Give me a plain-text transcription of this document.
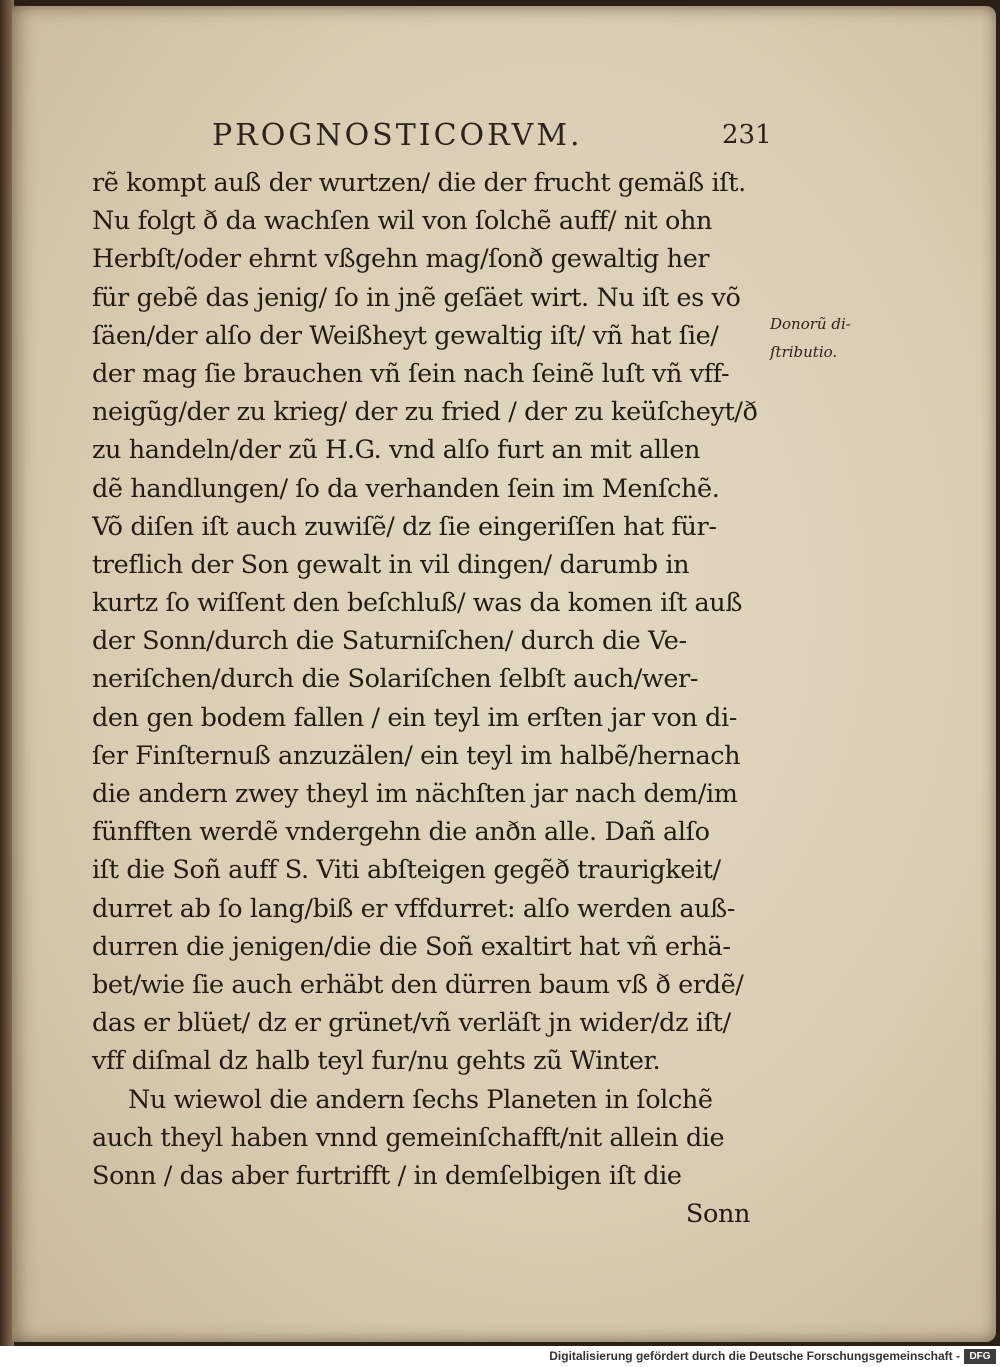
PROGNOSTICORVM.	231
rẽ kompt auß der wurtzen/ die der frucht gemäß iſt.
Nu folgt ð da wachſen wil von ſolchẽ auff/ nit ohn
Herbſt/oder ehrnt vßgehn mag/ſonð gewaltig her
für gebẽ das jenig/ ſo in jnẽ geſäet wirt. Nu iſt es võ
ſäen/der alſo der Weißheyt gewaltig iſt/ vñ hat ſie/
der mag ſie brauchen vñ ſein nach ſeinẽ luſt vñ vff-
neigũg/der zu krieg/ der zu fried / der zu keüſcheyt/ð
zu handeln/der zũ H.G. vnd alſo furt an mit allen
dẽ handlungen/ ſo da verhanden ſein im Menſchẽ.
Võ diſen iſt auch zuwiſẽ/ dz ſie eingeriſſen hat für-
treflich der Son gewalt in vil dingen/ darumb in
kurtz ſo wiſſent den beſchluß/ was da komen iſt auß
der Sonn/durch die Saturniſchen/ durch die Ve-
neriſchen/durch die Solariſchen ſelbſt auch/wer-
den gen bodem fallen / ein teyl im erſten jar von di-
ſer Finſternuß anzuzälen/ ein teyl im halbẽ/hernach
die andern zwey theyl im nächſten jar nach dem/im
fünfften werdẽ vndergehn die anðn alle. Dañ alſo
iſt die Soñ auff S. Viti abſteigen gegẽð traurigkeit/
durret ab ſo lang/biß er vffdurret: alſo werden auß-
durren die jenigen/die die Soñ exaltirt hat vñ erhä-
bet/wie ſie auch erhäbt den dürren baum vß ð erdẽ/
das er blüet/ dz er grünet/vñ verläſt jn wider/dz iſt/
vff diſmal dz halb teyl fur/nu gehts zũ Winter.
Nu wiewol die andern ſechs Planeten in ſolchẽ
auch theyl haben vnnd gemeinſchafft/nit allein die
Sonn / das aber furtrifft / in demſelbigen iſt die
Sonn
Donorũ di-
ſtributio.
Digitalisierung gefördert durch die Deutsche Forschungsgemeinschaft - DFG
